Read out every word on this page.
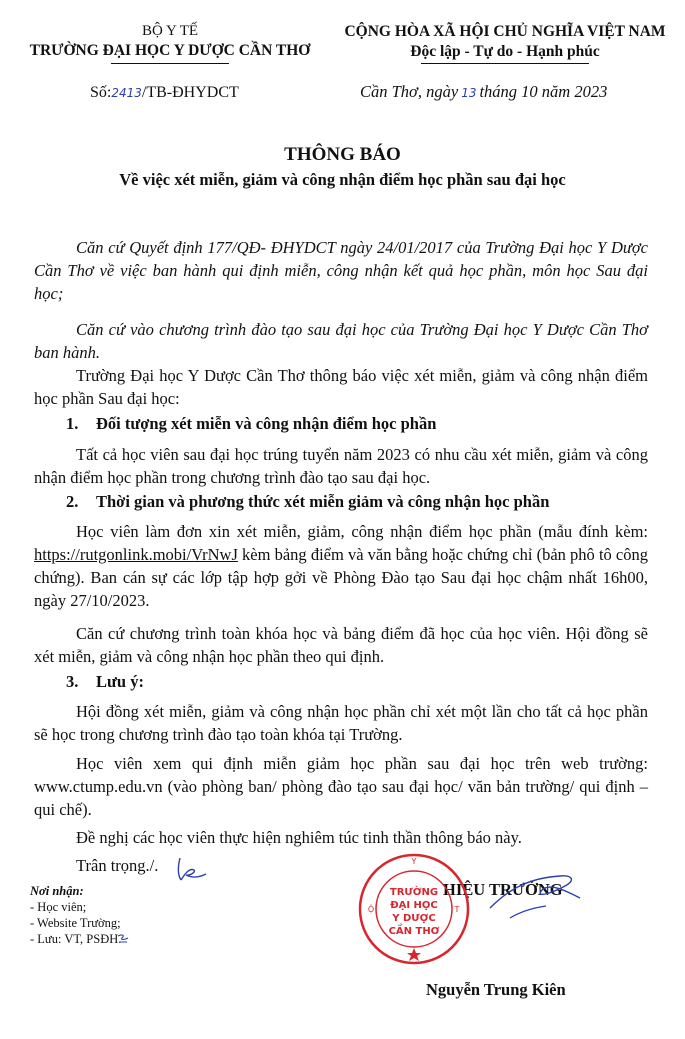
BỘ Y TẾ
TRƯỜNG ĐẠI HỌC Y DƯỢC CẦN THƠ
Số:2413/TB-ĐHYDCT
CỘNG HÒA XÃ HỘI CHỦ NGHĨA VIỆT NAM
Độc lập - Tự do - Hạnh phúc
Cần Thơ, ngày 13 tháng 10 năm 2023
THÔNG BÁO
Về việc xét miễn, giảm và công nhận điểm học phần sau đại học
Căn cứ Quyết định 177/QĐ- ĐHYDCT ngày 24/01/2017 của Trường Đại học Y Dược Cần Thơ về việc ban hành qui định miễn, công nhận kết quả học phần, môn học Sau đại học;
Căn cứ vào chương trình đào tạo sau đại học của Trường Đại học Y Dược Cần Thơ ban hành.
Trường Đại học Y Dược Cần Thơ thông báo việc xét miễn, giảm và công nhận điểm học phần Sau đại học:
1. Đối tượng xét miễn và công nhận điểm học phần
Tất cả học viên sau đại học trúng tuyển năm 2023 có nhu cầu xét miễn, giảm và công nhận điểm học phần trong chương trình đào tạo sau đại học.
2. Thời gian và phương thức xét miễn giảm và công nhận học phần
Học viên làm đơn xin xét miễn, giảm, công nhận điểm học phần (mẫu đính kèm: https://rutgonlink.mobi/VrNwJ kèm bảng điểm và văn bằng hoặc chứng chỉ (bản phô tô công chứng). Ban cán sự các lớp tập hợp gởi về Phòng Đào tạo Sau đại học chậm nhất 16h00, ngày 27/10/2023.
Căn cứ chương trình toàn khóa học và bảng điểm đã học của học viên. Hội đồng sẽ xét miễn, giảm và công nhận học phần theo qui định.
3. Lưu ý:
Hội đồng xét miễn, giảm và công nhận học phần chỉ xét một lần cho tất cả học phần sẽ học trong chương trình đào tạo toàn khóa tại Trường.
Học viên xem qui định miễn giảm học phần sau đại học trên web trường: www.ctump.edu.vn (vào phòng ban/ phòng đào tạo sau đại học/ văn bản trường/ qui định – qui chế).
Đề nghị các học viên thực hiện nghiêm túc tinh thần thông báo này.
Trân trọng./.
Nơi nhận:
- Học viên;
- Website Trường;
- Lưu: VT, PSĐH.
HIỆU TRƯỞNG
Y
Ộ	T
TRƯỜNG
ĐẠI HỌC
Y DƯỢC
CẦN THƠ
Nguyễn Trung Kiên
